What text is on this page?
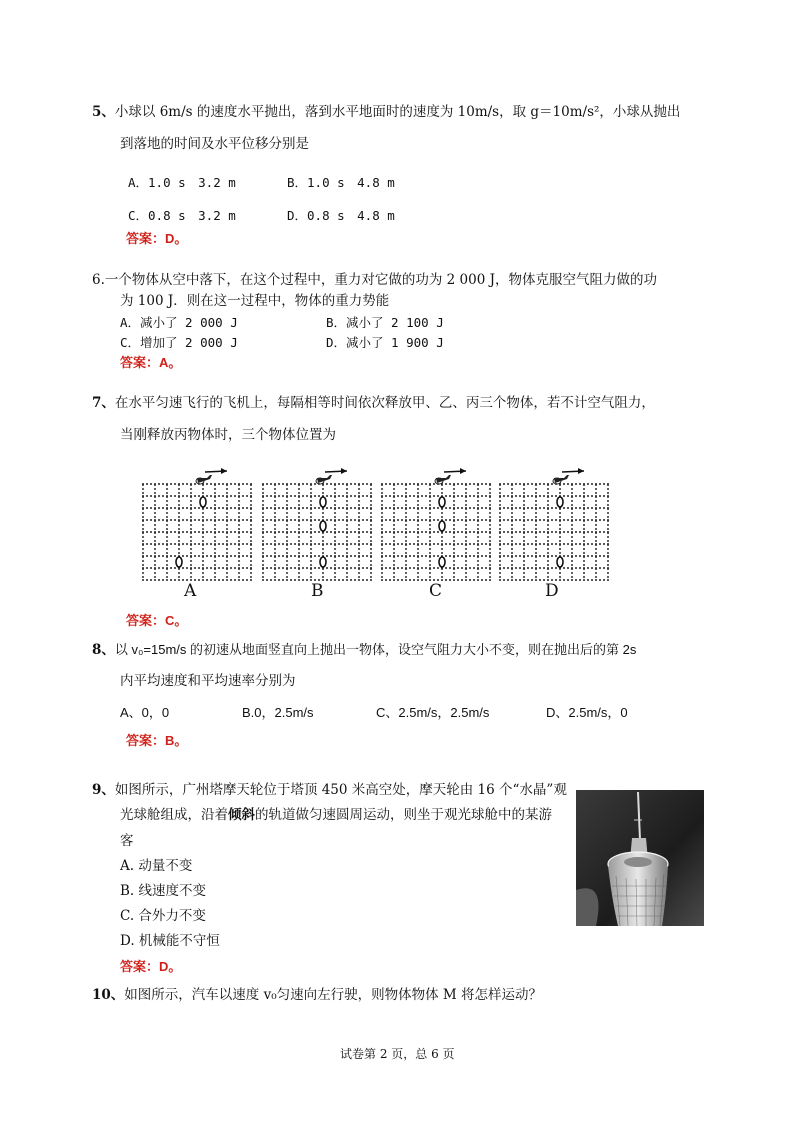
5、小球以 6m/s 的速度水平抛出，落到水平地面时的速度为 10m/s，取 g＝10m/s²，小球从抛出
到落地的时间及水平位移分别是
A．1.0 s　3.2 m	B．1.0 s　4.8 m
C．0.8 s　3.2 m	D．0.8 s　4.8 m
答案：D。
6.一个物体从空中落下，在这个过程中，重力对它做的功为 2 000 J，物体克服空气阻力做的功
为 100 J．则在这一过程中，物体的重力势能
A．减小了 2 000 J	B．减小了 2 100 J
C．增加了 2 000 J	D．减小了 1 900 J
答案：A。
7、在水平匀速飞行的飞机上，每隔相等时间依次释放甲、乙、丙三个物体，若不计空气阻力，
当刚释放丙物体时，三个物体位置为
A	B	C	D
答案：C。
8、以 v₀=15m/s 的初速从地面竖直向上抛出一物体，设空气阻力大小不变，则在抛出后的第 2s
内平均速度和平均速率分别为
A、0，0	B.0，2.5m/s	C、2.5m/s，2.5m/s	D、2.5m/s，0
答案：B。
9、如图所示，广州塔摩天轮位于塔顶 450 米高空处，摩天轮由 16 个“水晶”观
光球舱组成，沿着倾斜的轨道做匀速圆周运动，则坐于观光球舱中的某游
客
A. 动量不变
B. 线速度不变
C. 合外力不变
D. 机械能不守恒
答案：D。
10、如图所示，汽车以速度 v₀匀速向左行驶，则物体物体 M 将怎样运动？
试卷第 2 页，总 6 页
